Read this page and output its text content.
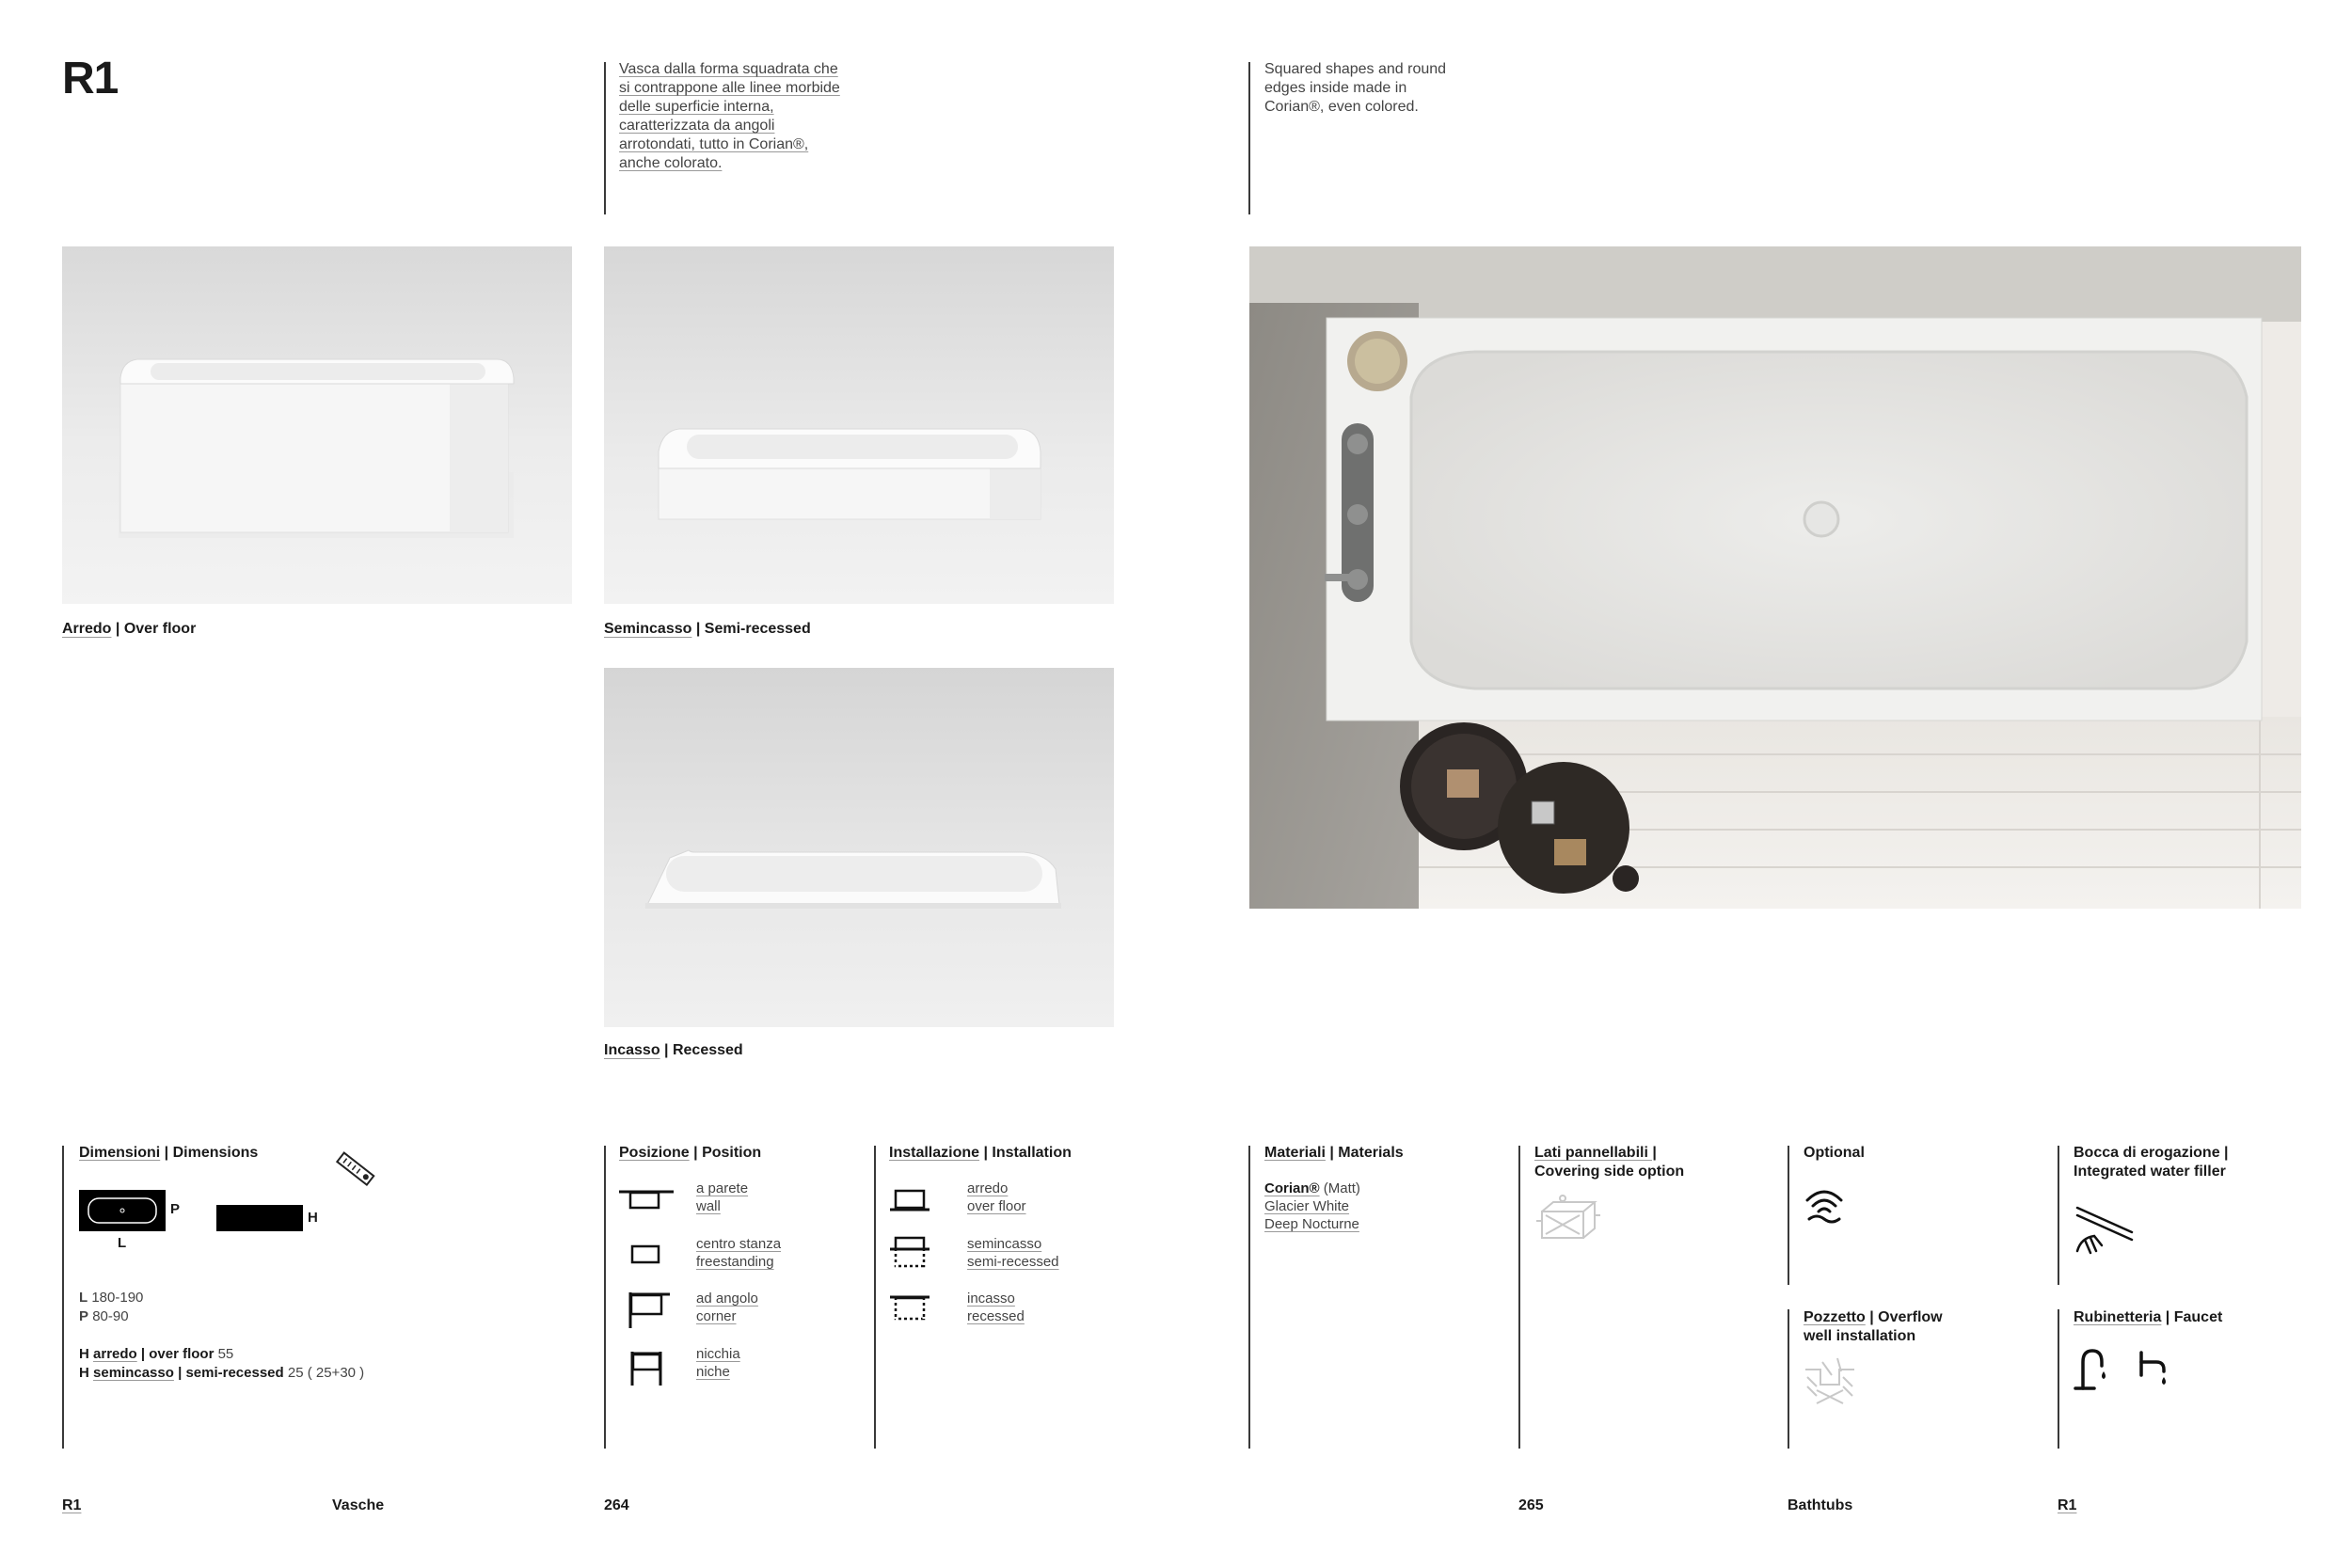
R1	Vasca dalla forma squadrata che
si contrappone alle linee morbide
delle superficie interna,
caratterizzata da angoli
arrotondati, tutto in Corian®,
anche colorato.
Squared shapes and round
edges inside made in
Corian®, even colored.
Arredo | Over floor	Semincasso | Semi-recessed
Incasso | Recessed
Dimensioni | Dimensions
P
L
H
L 180-190
P 80-90
H arredo | over floor 55
H semincasso | semi-recessed 25 ( 25+30 )
Posizione | Position
a parete
wall
centro stanza
freestanding
ad angolo
corner
nicchia
niche
Installazione | Installation
arredo
over floor
semincasso
semi-recessed
incasso
recessed
Materiali | Materials
Corian® (Matt)
Glacier White
Deep Nocturne
Lati pannellabili |
Covering side option
Optional
Pozzetto | Overflow
well installation
Bocca di erogazione |
Integrated water filler
Rubinetteria | Faucet
R1	Vasche	264	265	Bathtubs	R1
